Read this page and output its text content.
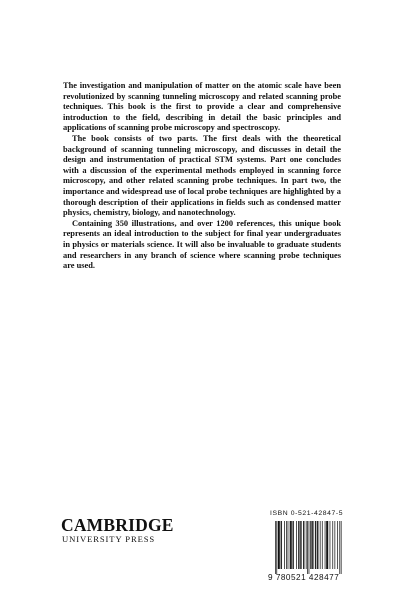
The investigation and manipulation of matter on the atomic scale have been revolutionized by scanning tunneling microscopy and related scanning probe techniques. This book is the first to provide a clear and comprehensive introduction to the field, describing in detail the basic principles and applications of scanning probe microscopy and spectroscopy.

The book consists of two parts. The first deals with the theoretical background of scanning tunneling microscopy, and discusses in detail the design and instrumentation of practical STM systems. Part one concludes with a discussion of the experimental methods employed in scanning force microscopy, and other related scanning probe techniques. In part two, the importance and widespread use of local probe techniques are highlighted by a thorough description of their applications in fields such as condensed matter physics, chemistry, biology, and nanotechnology.

Containing 350 illustrations, and over 1200 references, this unique book represents an ideal introduction to the subject for final year undergraduates in physics or materials science. It will also be invaluable to graduate students and researchers in any branch of science where scanning probe techniques are used.

CAMBRIDGE
UNIVERSITY PRESS
ISBN 0-521-42847-5
9 780521 428477
